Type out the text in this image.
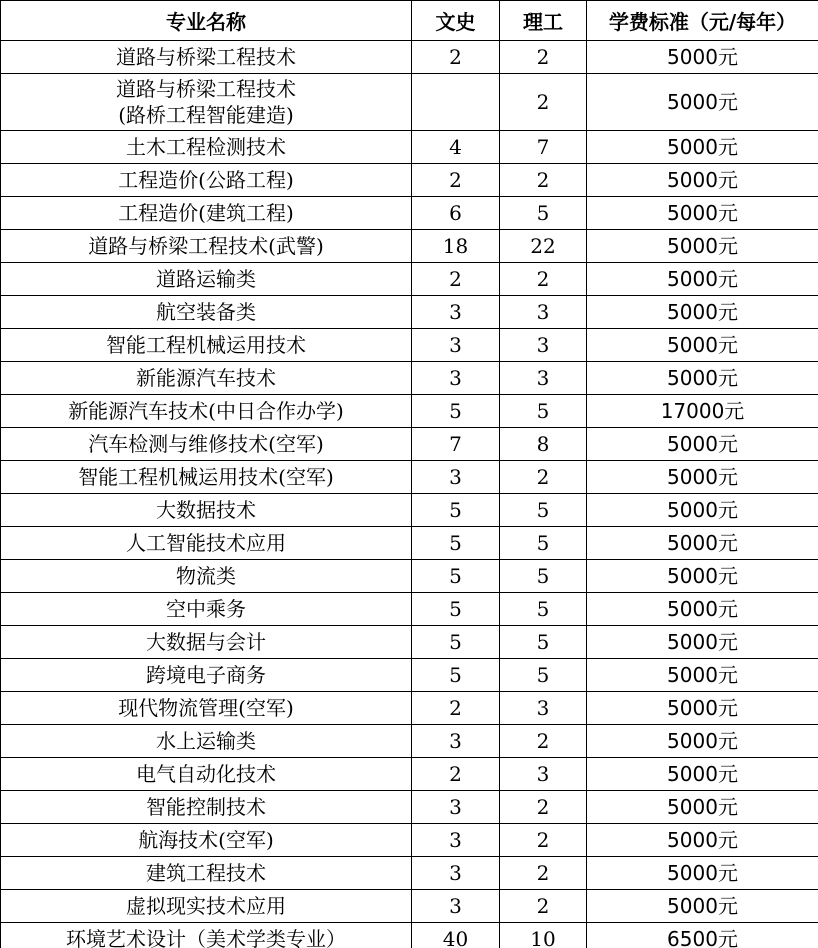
专业名称	文史	理工	学费标准（元/每年）

道路与桥梁工程技术	2	2	5000元

道路与桥梁工程技术
(路桥工程智能建造)		2	5000元

土木工程检测技术	4	7	5000元

工程造价(公路工程)	2	2	5000元

工程造价(建筑工程)	6	5	5000元

道路与桥梁工程技术(武警)	18	22	5000元

道路运输类	2	2	5000元

航空装备类	3	3	5000元

智能工程机械运用技术	3	3	5000元

新能源汽车技术	3	3	5000元

新能源汽车技术(中日合作办学)	5	5	17000元

汽车检测与维修技术(空军)	7	8	5000元

智能工程机械运用技术(空军)	3	2	5000元

大数据技术	5	5	5000元

人工智能技术应用	5	5	5000元

物流类	5	5	5000元

空中乘务	5	5	5000元

大数据与会计	5	5	5000元

跨境电子商务	5	5	5000元

现代物流管理(空军)	2	3	5000元

水上运输类	3	2	5000元

电气自动化技术	2	3	5000元

智能控制技术	3	2	5000元

航海技术(空军)	3	2	5000元

建筑工程技术	3	2	5000元

虚拟现实技术应用	3	2	5000元

环境艺术设计（美术学类专业）	40	10	6500元
